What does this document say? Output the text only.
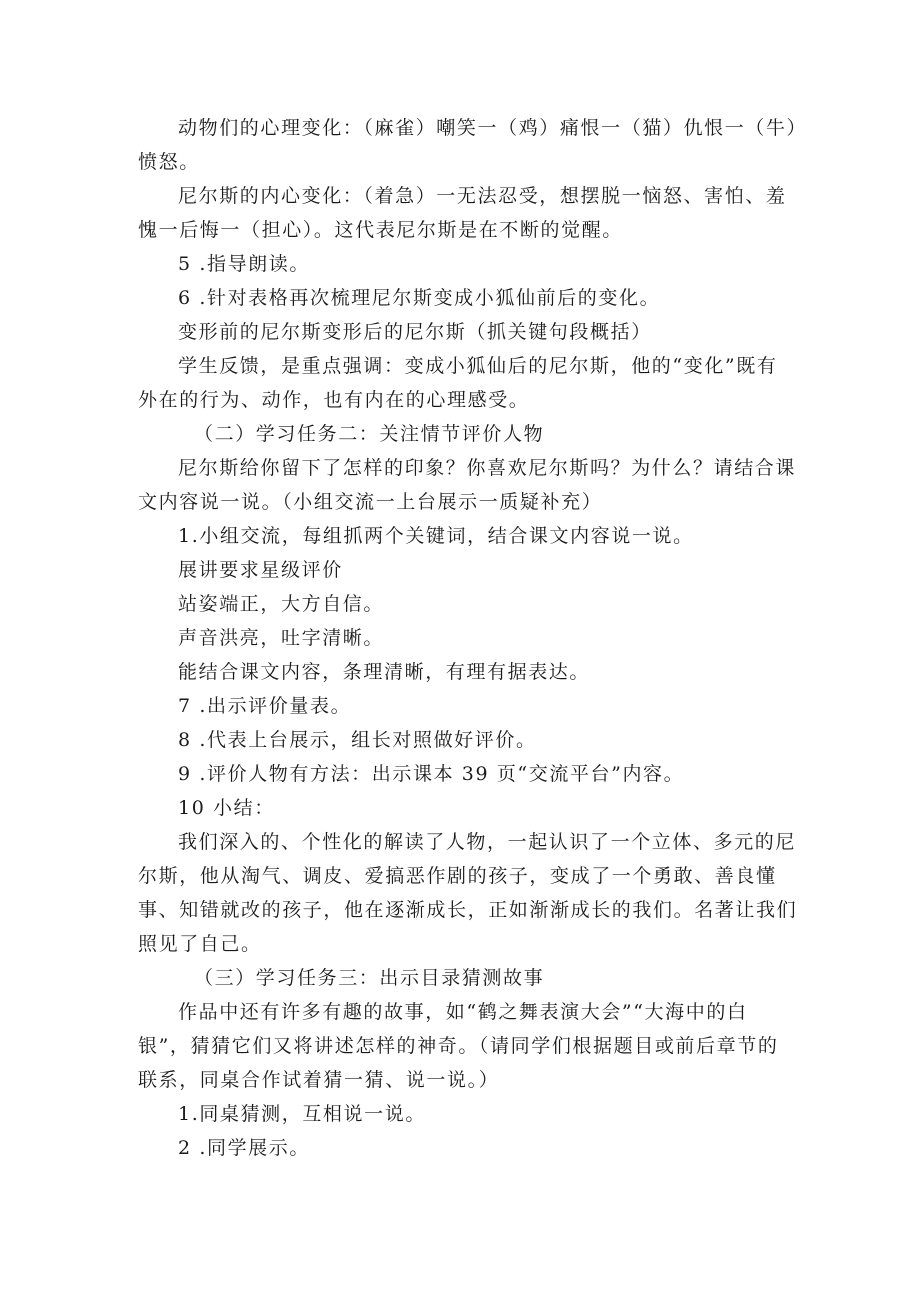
动物们的心理变化：（麻雀）嘲笑一（鸡）痛恨一（猫）仇恨一（牛）愤怒。
尼尔斯的内心变化：（着急）一无法忍受，想摆脱一恼怒、害怕、羞愧一后悔一（担心）。这代表尼尔斯是在不断的觉醒。
5 .指导朗读。
6 .针对表格再次梳理尼尔斯变成小狐仙前后的变化。
变形前的尼尔斯变形后的尼尔斯（抓关键句段概括）
学生反馈，是重点强调：变成小狐仙后的尼尔斯，他的“变化”既有外在的行为、动作，也有内在的心理感受。
（二）学习任务二：关注情节评价人物
尼尔斯给你留下了怎样的印象？你喜欢尼尔斯吗？为什么？请结合课文内容说一说。（小组交流一上台展示一质疑补充）
1.小组交流，每组抓两个关键词，结合课文内容说一说。
展讲要求星级评价
站姿端正，大方自信。
声音洪亮，吐字清晰。
能结合课文内容，条理清晰，有理有据表达。
7 .出示评价量表。
8 .代表上台展示，组长对照做好评价。
9 .评价人物有方法：出示课本 39 页“交流平台”内容。
10 小结：
我们深入的、个性化的解读了人物，一起认识了一个立体、多元的尼尔斯，他从淘气、调皮、爱搞恶作剧的孩子，变成了一个勇敢、善良懂事、知错就改的孩子，他在逐渐成长，正如渐渐成长的我们。名著让我们照见了自己。
（三）学习任务三：出示目录猜测故事
作品中还有许多有趣的故事，如“鹤之舞表演大会”“大海中的白银”，猜猜它们又将讲述怎样的神奇。（请同学们根据题目或前后章节的联系，同桌合作试着猜一猜、说一说。）
1.同桌猜测，互相说一说。
2 .同学展示。
